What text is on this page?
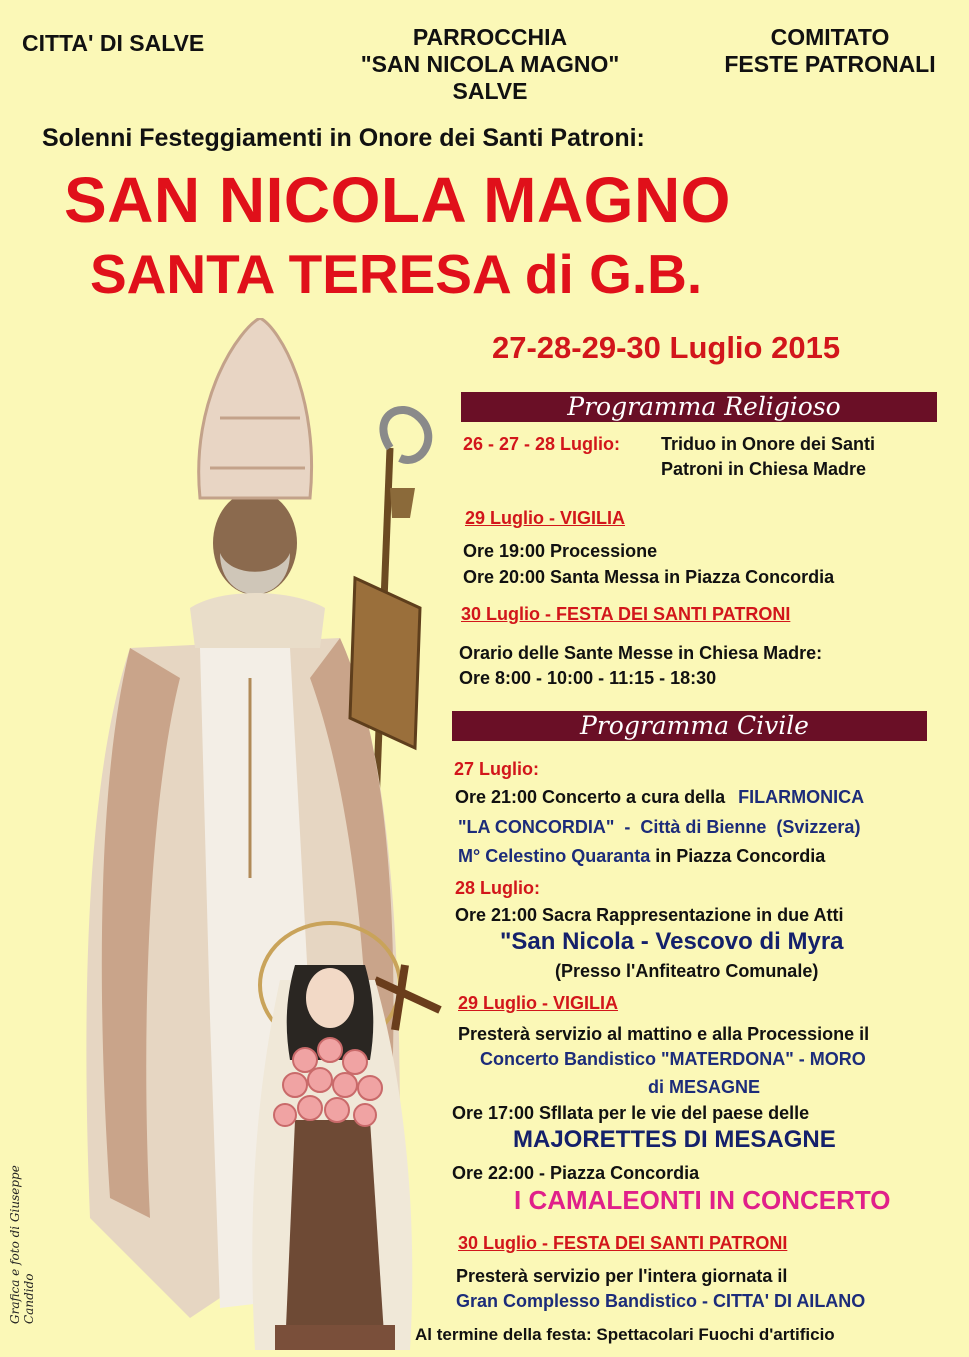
CITTA' DI SALVE	PARROCCHIA
"SAN NICOLA MAGNO"
SALVE
COMITATO
FESTE PATRONALI
Solenni Festeggiamenti in Onore dei Santi Patroni:
SAN NICOLA MAGNO
SANTA TERESA di G.B.
27-28-29-30 Luglio 2015
Programma Religioso
26 - 27 - 28 Luglio: Triduo in Onore dei Santi
Patroni in Chiesa Madre
29 Luglio - VIGILIA
Ore 19:00 Processione
Ore 20:00 Santa Messa in Piazza Concordia
30 Luglio - FESTA DEI SANTI PATRONI
Orario delle Sante Messe in Chiesa Madre:
Ore 8:00 - 10:00 - 11:15 - 18:30
Programma Civile
27 Luglio:
Ore 21:00 Concerto a cura della FILARMONICA
"LA CONCORDIA"  -  Città di Bienne  (Svizzera)
M° Celestino Quaranta in Piazza Concordia
28 Luglio:
Ore 21:00 Sacra Rappresentazione in due Atti
"San Nicola - Vescovo di Myra
(Presso l'Anfiteatro Comunale)
29 Luglio - VIGILIA
Presterà servizio al mattino e alla Processione il
Concerto Bandistico "MATERDONA" - MORO
di MESAGNE
Ore 17:00 Sfllata per le vie del paese delle
MAJORETTES DI MESAGNE
Ore 22:00 - Piazza Concordia
I CAMALEONTI IN CONCERTO
30 Luglio - FESTA DEI SANTI PATRONI
Presterà servizio per l'intera giornata il
Gran Complesso Bandistico - CITTA' DI AILANO
Al termine della festa: Spettacolari Fuochi d'artificio
Grafica e foto di Giuseppe Candido
